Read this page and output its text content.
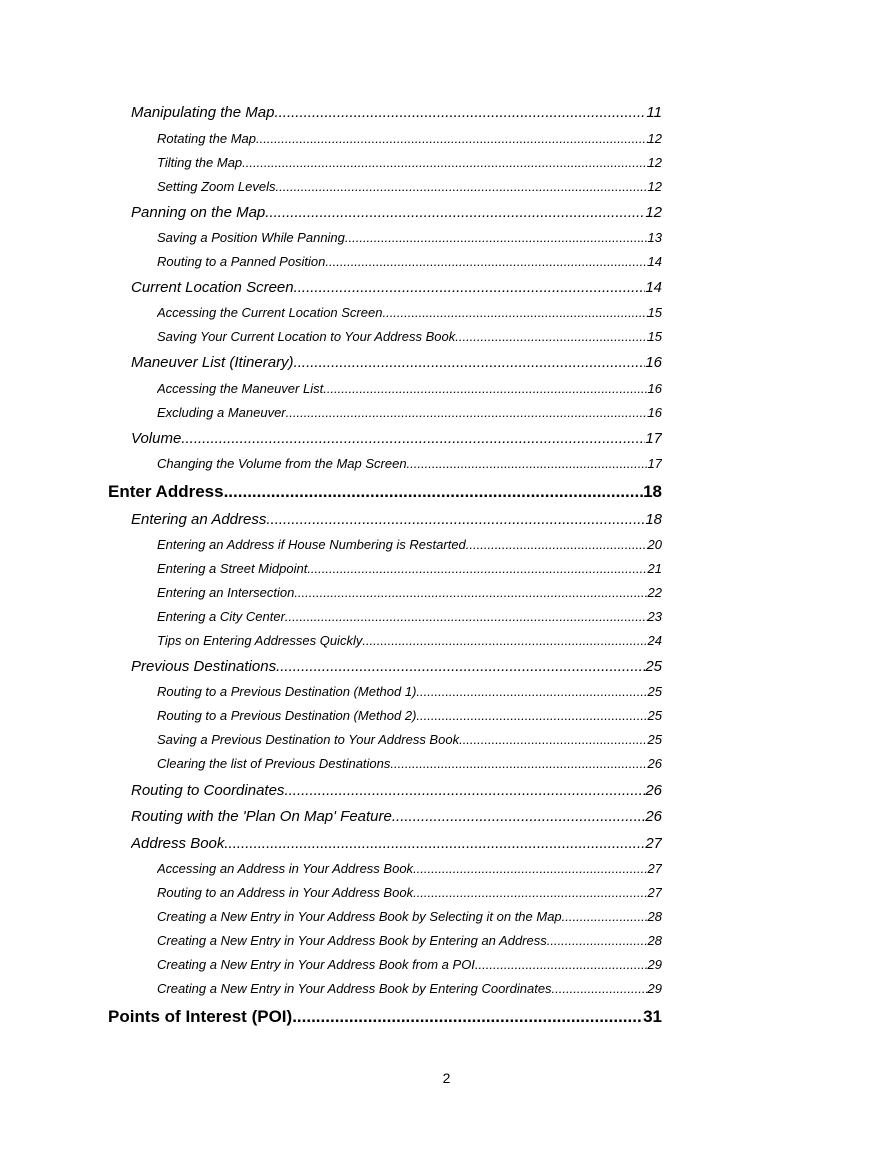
Manipulating the Map .....	11
Rotating the Map .....	12
Tilting the Map .....	12
Setting Zoom Levels .....	12
Panning on the Map .....	12
Saving a Position While Panning .....	13
Routing to a Panned Position .....	14
Current Location Screen .....	14
Accessing the Current Location Screen .....	15
Saving Your Current Location to Your Address Book .....	15
Maneuver List (Itinerary) .....	16
Accessing the Maneuver List .....	16
Excluding a Maneuver .....	16
Volume .....	17
Changing the Volume from the Map Screen .....	17
Enter Address .....	18
Entering an Address .....	18
Entering an Address if House Numbering is Restarted .....	20
Entering a Street Midpoint .....	21
Entering an Intersection .....	22
Entering a City Center .....	23
Tips on Entering Addresses Quickly .....	24
Previous Destinations .....	25
Routing to a Previous Destination (Method 1) .....	25
Routing to a Previous Destination (Method 2) .....	25
Saving a Previous Destination to Your Address Book .....	25
Clearing the list of Previous Destinations .....	26
Routing to Coordinates .....	26
Routing with the 'Plan On Map' Feature .....	26
Address Book .....	27
Accessing an Address in Your Address Book .....	27
Routing to an Address in Your Address Book .....	27
Creating a New Entry in Your Address Book by Selecting it on the Map .....	28
Creating a New Entry in Your Address Book by Entering an Address .....	28
Creating a New Entry in Your Address Book from a POI .....	29
Creating a New Entry in Your Address Book by Entering Coordinates .....	29
Points of Interest (POI) .....	31
2
